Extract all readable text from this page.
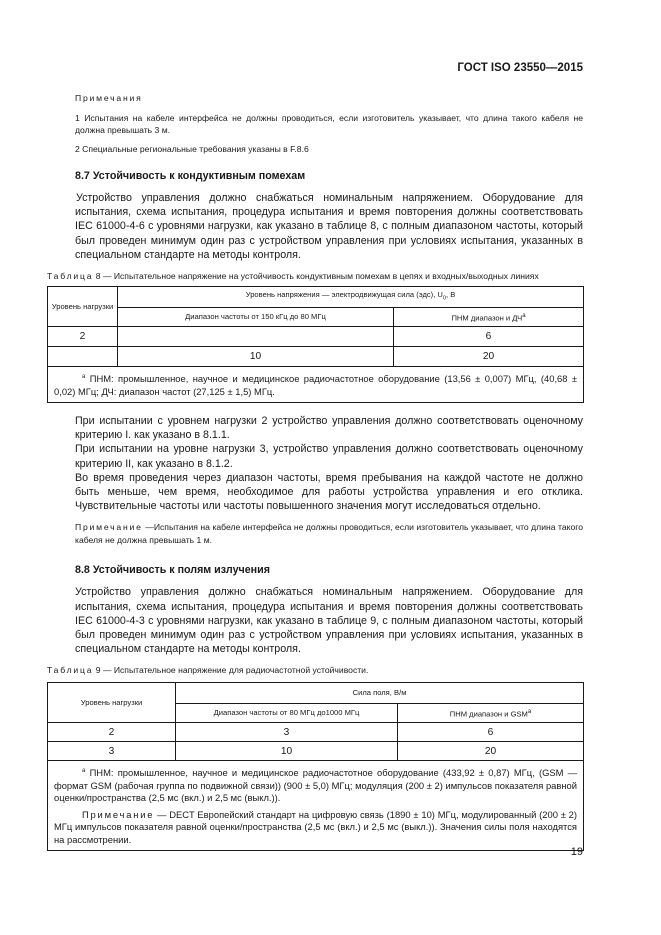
ГОСТ ISO 23550—2015

Примечания

1 Испытания на кабеле интерфейса не должны проводиться, если изготовитель указывает, что длина такого кабеля не должна превышать 3 м.

2 Специальные региональные требования указаны в F.8.6

8.7 Устойчивость к кондуктивным помехам

Устройство управления должно снабжаться номинальным напряжением. Оборудование для испытания, схема испытания, процедура испытания и время повторения должны соответствовать IEC 61000-4-6 с уровнями нагрузки, как указано в таблице 8, с полным диапазоном частоты, который был проведен минимум один раз с устройством управления при условиях испытания, указанных в специальном стандарте на методы контроля.

Таблица 8 — Испытательное напряжение на устойчивость кондуктивным помехам в цепях и входных/выходных линиях

Уровень нагрузки	Уровень напряжения — электродвижущая сила (эдс), $U_0$, В	
	Диапазон частоты от 150 кГц до 80 МГц	ПНМ диапазон и $ДЧ^a$
2		6
	10	20
$^a$ ПНМ: промышленное, научное и медицинское радиочастотное оборудование (13,56 ± 0,007) МГц, (40,68 ± 0,02) МГц; ДЧ: диапазон частот (27,125 ± 1,5) МГц.		

При испытании с уровнем нагрузки 2 устройство управления должно соответствовать оценочному критерию I. как указано в 8.1.1.

При испытании на уровне нагрузки 3, устройство управления должно соответствовать оценочному критерию II, как указано в 8.1.2.

Во время проведения через диапазон частоты, время пребывания на каждой частоте не должно быть меньше, чем время, необходимое для работы устройства управления и его отклика. Чувствительные частоты или частоты повышенного значения могут исследоваться отдельно.

Примечание —Испытания на кабеле интерфейса не должны проводиться, если изготовитель указывает, что длина такого кабеля не должна превышать 1 м.

8.8 Устойчивость к полям излучения

Устройство управления должно снабжаться номинальным напряжением. Оборудование для испытания, схема испытания, процедура испытания и время повторения должны соответствовать IEC 61000-4-3 с уровнями нагрузки, как указано в таблице 9, с полным диапазоном частоты, который был проведен минимум один раз с устройством управления при условиях испытания, указанных в специальном стандарте на методы контроля.

Таблица 9 — Испытательное напряжение для радиочастотной устойчивости.

Уровень нагрузки	Сила поля, В/м	
	Диапазон частоты от 80 МГц до1000 МГц	ПНМ диапазон и GSM$^a$
2	3	6
3	10	20

$^a$ ПНМ: промышленное, научное и медицинское радиочастотное оборудование (433,92 ± 0,87) МГц, (GSM — формат GSM (рабочая группа по подвижной связи)) (900 ± 5,0) МГц; модуляция (200 ± 2) импульсов показателя равной оценки/пространства (2,5 мс (вкл.) и 2,5 мс (выкл.)).
Примечание — DECT Европейский стандарт на цифровую связь (1890 ± 10) МГц, модулированный (200 ± 2) МГц импульсов показателя равной оценки/пространства (2,5 мс (вкл.) и 2,5 мс (выкл.)). Значения силы поля находятся на рассмотрении.		
19
